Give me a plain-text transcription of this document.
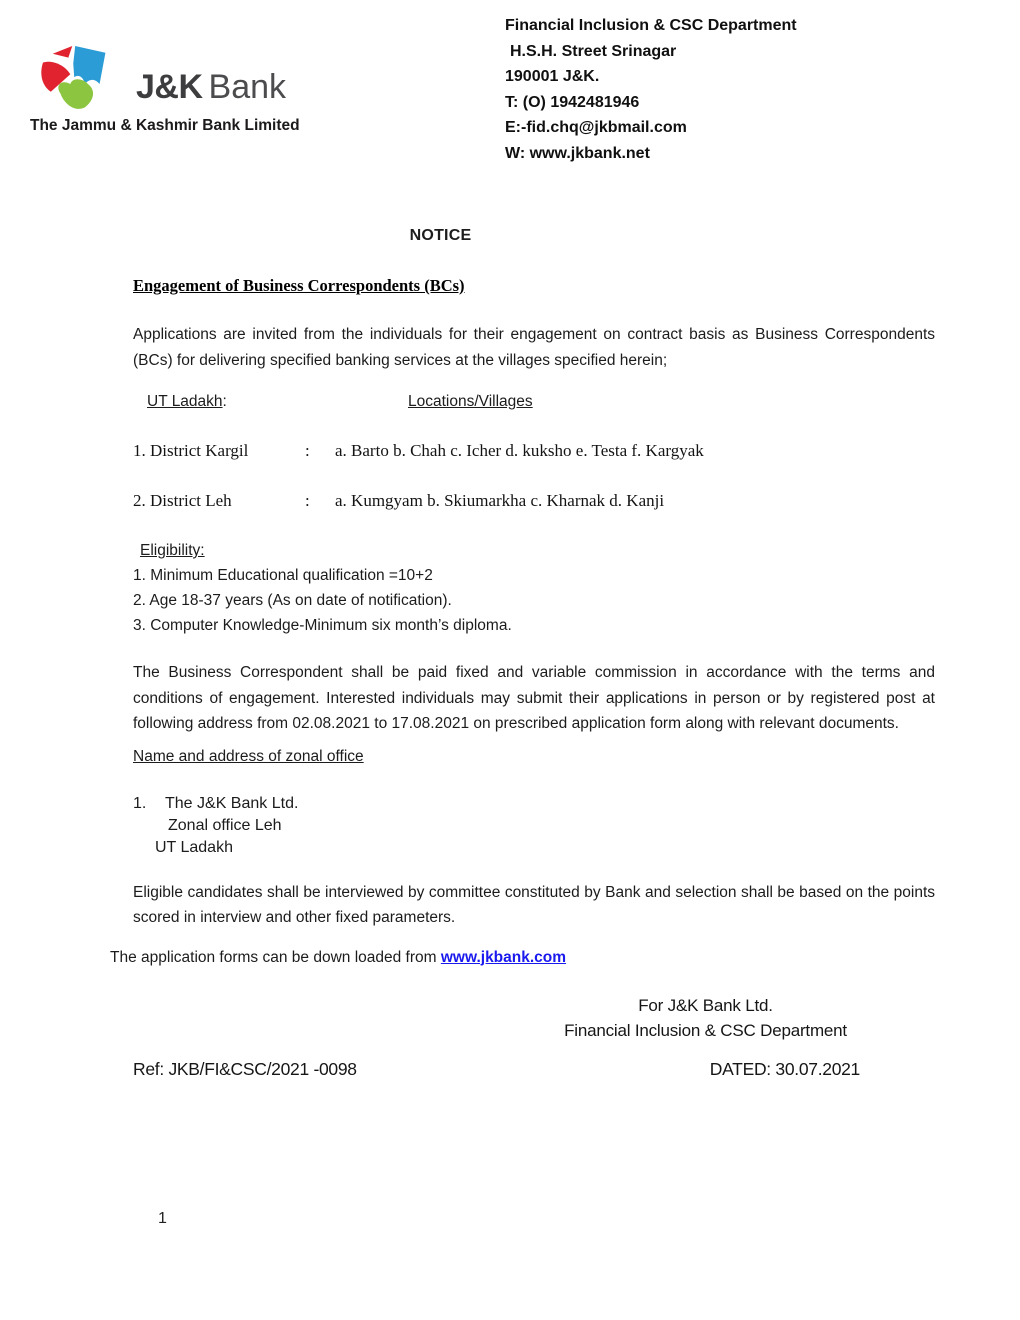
J&K Bank
The Jammu & Kashmir Bank Limited
Financial Inclusion & CSC Department
H.S.H. Street Srinagar
190001 J&K.
T: (O) 1942481946
E:-fid.chq@jkbmail.com
W: www.jkbank.net
NOTICE
Engagement of Business Correspondents (BCs)
Applications are invited from the individuals for their engagement on contract basis as Business Correspondents (BCs) for delivering specified banking services at the villages specified herein;
UT Ladakh:	Locations/Villages
1. District Kargil	:	a. Barto b. Chah c. Icher d. kuksho e. Testa f. Kargyak
2. District Leh	:	a. Kumgyam b. Skiumarkha c. Kharnak d. Kanji
Eligibility:
1. Minimum Educational qualification =10+2
2. Age 18-37 years (As on date of notification).
3. Computer Knowledge-Minimum six month’s diploma.
The Business Correspondent shall be paid fixed and variable commission in accordance with the terms and conditions of engagement. Interested individuals may submit their applications in person or by registered post at following address from 02.08.2021 to 17.08.2021 on prescribed application form along with relevant documents.
Name and address of zonal office
1.	The J&K Bank Ltd.
Zonal office Leh
UT Ladakh
Eligible candidates shall be interviewed by committee constituted by Bank and selection shall be based on the points scored in interview and other fixed parameters.
The application forms can be down loaded from www.jkbank.com
For J&K Bank Ltd.
Financial Inclusion & CSC Department
Ref: JKB/FI&CSC/2021 -0098	DATED: 30.07.2021
1
